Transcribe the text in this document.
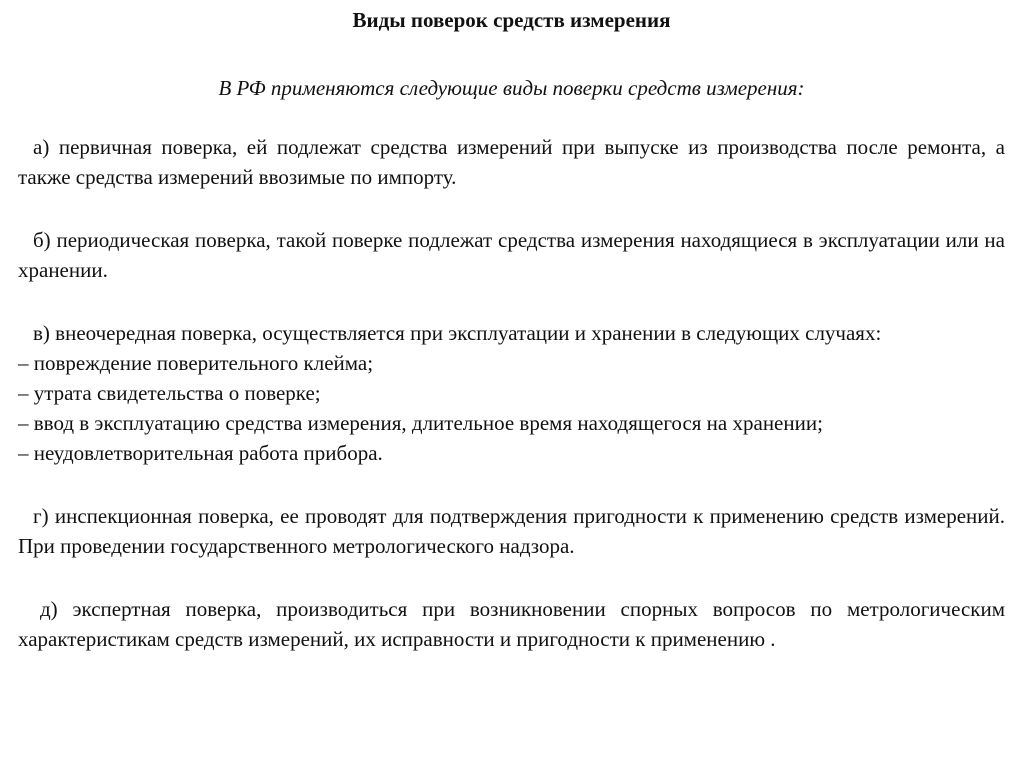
Виды поверок средств измерения

В РФ применяются следующие виды поверки средств измерения:

а) первичная поверка, ей подлежат средства измерений при выпуске из производства после ремонта, а также средства измерений ввозимые по импорту.

б) периодическая поверка, такой поверке подлежат средства измерения находящиеся в эксплуатации или на хранении.

в) внеочередная поверка, осуществляется при эксплуатации и хранении в следующих случаях:

– повреждение поверительного клейма;

– утрата свидетельства о поверке;

– ввод в эксплуатацию средства измерения, длительное время находящегося на хранении;

– неудовлетворительная работа прибора.

г) инспекционная поверка, ее проводят для подтверждения пригодности к применению средств измерений. При проведении государственного метрологического надзора.

д) экспертная поверка, производиться при возникновении спорных вопросов по метрологическим характеристикам средств измерений, их исправности и пригодности к применению .
